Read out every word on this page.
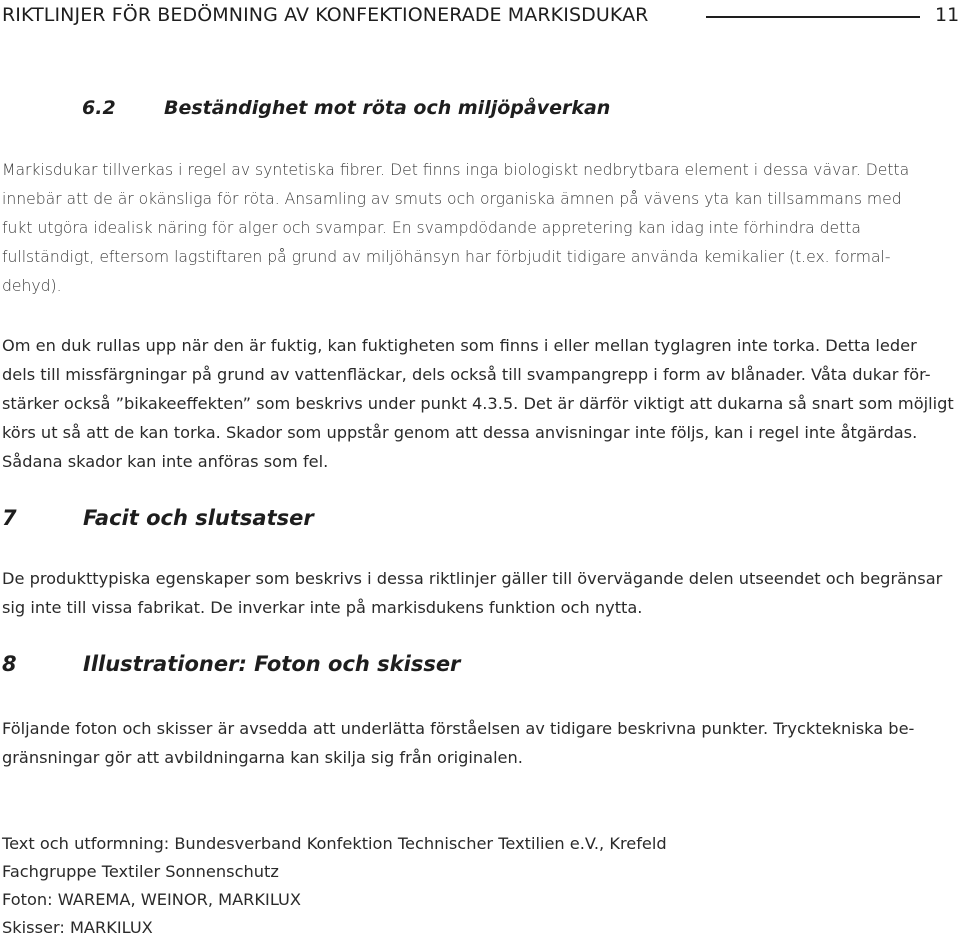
RIKTLINJER FÖR BEDÖMNING AV KONFEKTIONERADE MARKISDUKAR	11
6.2	Beständighet mot röta och miljöpåverkan
Markisdukar tillverkas i regel av syntetiska fibrer. Det finns inga biologiskt nedbrytbara element i dessa vävar. Detta
innebär att de är okänsliga för röta. Ansamling av smuts och organiska ämnen på vävens yta kan tillsammans med
fukt utgöra idealisk näring för alger och svampar. En svampdödande appretering kan idag inte förhindra detta
fullständigt, eftersom lagstiftaren på grund av miljöhänsyn har förbjudit tidigare använda kemikalier (t.ex. formal-
dehyd).
Om en duk rullas upp när den är fuktig, kan fuktigheten som finns i eller mellan tyglagren inte torka. Detta leder
dels till missfärgningar på grund av vattenfläckar, dels också till svampangrepp i form av blånader. Våta dukar för-
stärker också ”bikakeeffekten” som beskrivs under punkt 4.3.5. Det är därför viktigt att dukarna så snart som möjligt
körs ut så att de kan torka. Skador som uppstår genom att dessa anvisningar inte följs, kan i regel inte åtgärdas.
Sådana skador kan inte anföras som fel.
7	Facit och slutsatser
De produkttypiska egenskaper som beskrivs i dessa riktlinjer gäller till övervägande delen utseendet och begränsar
sig inte till vissa fabrikat. De inverkar inte på markisdukens funktion och nytta.
8	Illustrationer: Foton och skisser
Följande foton och skisser är avsedda att underlätta förståelsen av tidigare beskrivna punkter. Trycktekniska be-
gränsningar gör att avbildningarna kan skilja sig från originalen.
Text och utformning: Bundesverband Konfektion Technischer Textilien e.V., Krefeld
Fachgruppe Textiler Sonnenschutz
Foton: WAREMA, WEINOR, MARKILUX
Skisser: MARKILUX
